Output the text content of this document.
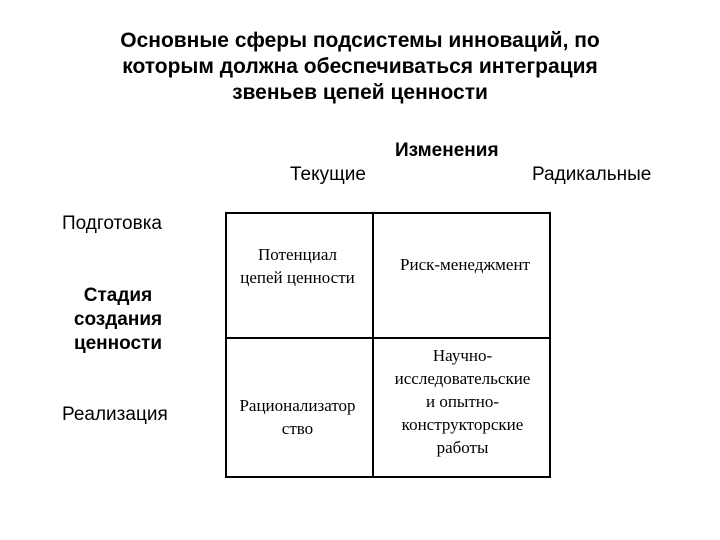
Основные сферы подсистемы инноваций, по
которым должна обеспечиваться интеграция
звеньев цепей ценности
Изменения
Текущие	Радикальные
Подготовка
Стадия
создания
ценности
Реализация
Потенциал
цепей ценности
Риск-менеджмент
Рационализатор
ство
Научно-
исследовательские
и опытно-
конструкторские
работы
